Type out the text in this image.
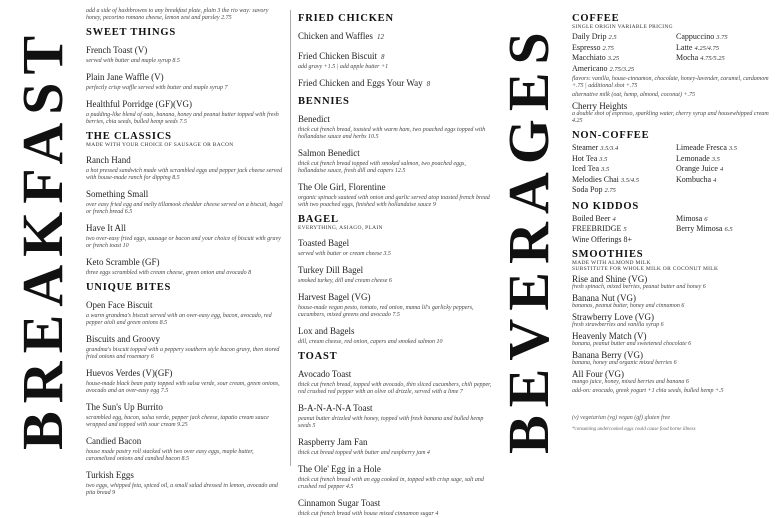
BREAKFAST	BEVERAGES
add a side of hashbrowns to any breakfast plate, plain 3 the rio way: savory honey, pecorino romano cheese, lemon zest and parsley 2.75
SWEET THINGS
French Toast (V)
served with butter and maple syrup 8.5
Plain Jane Waffle (V)
perfectly crisp waffle served with butter and maple syrup 7
Healthful Porridge (GF)(VG)
a pudding-like blend of oats, banana, honey and peanut butter topped with fresh berries, chia seeds, bulled hemp seeds 7.5
THE CLASSICS
MADE WITH YOUR CHOICE OF SAUSAGE OR BACON
Ranch Hand
a hot pressed sandwich made with scrambled eggs and pepper jack cheese served with house-made ranch for dipping 8.5
Something Small
over easy fried egg and melty tillamook cheddar cheese served on a biscuit, bagel or french bread 6.5
Have It All
two over-easy fried eggs, sausage or bacon and your choice of biscuit with gravy or french toast 10
Keto Scramble (GF)
three eggs scrambled with cream cheese, green onion and avocado 8
UNIQUE BITES
Open Face Biscuit
a warm grandma's biscuit served with an over-easy egg, bacon, avocado, red pepper aioli and green onions 8.5
Biscuits and Groovy
grandma's biscuit topped with a peppery southern style bacon gravy, then stored fried onions and rosemary 6
Huevos Verdes (V)(GF)
house-made black bean patty topped with salsa verde, sour cream, green onions, avocado and an over-easy egg 7.5
The Sun's Up Burrito
scrambled egg, bacon, salsa verde, pepper jack cheese, tapatio cream sauce wrapped and topped with sour cream 9.25
Candied Bacon
house made pastry roll stacked with two over easy eggs, maple butter, caramelized onions and candied bacon 8.5
Turkish Eggs
two eggs, whipped feta, spiced oil, a small salad dressed in lemon, avocado and pita bread 9
FRIED CHICKEN
Chicken and Waffles 12
Fried Chicken Biscuit 8
add gravy +1.5 | add apple butter +1
Fried Chicken and Eggs Your Way 8
BENNIES
Benedict
thick cut french bread, toasted with warm ham, two poached eggs topped with hollandaise sauce and herbs 10.5
Salmon Benedict
thick cut french bread topped with smoked salmon, two poached eggs, hollandaise sauce, fresh dill and capers 12.5
The Ole Girl, Florentine
organic spinach sauteed with onion and garlic served atop toasted french bread with two poached eggs, finished with hollandaise sauce 9
BAGEL
EVERYTHING, ASIAGO, PLAIN
Toasted Bagel
served with butter or cream cheese 3.5
Turkey Dill Bagel
smoked turkey, dill and cream cheese 6
Harvest Bagel (VG)
house-made vegan pesto, tomato, red onion, mama lil's garlicky peppers, cucumbers, mixed greens and avocado 7.5
Lox and Bagels
dill, cream cheese, red onion, capers and smoked salmon 10
TOAST
Avocado Toast
thick cut french bread, topped with avocado, thin sliced cucumbers, chili pepper, red crushed red pepper with an olive oil drizzle, served with a lime 7
B-A-N-A-N-A Toast
peanut butter drizzled with honey, topped with fresh banana and bulled hemp seeds 5
Raspberry Jam Fan
thick cut bread topped with butter and raspberry jam 4
The Ole' Egg in a Hole
thick cut french bread with an egg cooked in, topped with crisp sage, salt and crushed red pepper 4.5
Cinnamon Sugar Toast
thick cut french bread with house mixed cinnamon sugar 4
COFFEE
SINGLE ORIGIN VARIABLE PRICING
Daily Drip 2.5	Cappuccino 3.75
Espresso 2.75	Latte 4.25/4.75
Macchiato 3.25	Mocha 4.75/5.25
Americano 2.75/3.25
flavors: vanilla, house-cinnamon, chocolate, honey-lavender, caramel, cardamom +.75 | additional shot +.75
alternative milk (oat, hemp, almond, coconut) +.75
Cherry Heights
a double shot of espresso, sparkling water, cherry syrup and housewhipped cream 4.25
NON-COFFEE
Steamer 3.5/3.4	Limeade Fresca 3.5
Hot Tea 3.5	Lemonade 3.5
Iced Tea 3.5	Orange Juice 4
Melodies Chai 3.5/4.5	Kombucha 4
Soda Pop 2.75
NO KIDDOS
Boiled Beer 4	Mimosa 6
FREEBRIDGE 5	Berry Mimosa 6.5
Wine Offerings 8+
SMOOTHIES
MADE WITH ALMOND MILK
SUBSTITUTE FOR WHOLE MILK OR COCONUT MILK
Rise and Shine (VG)
fresh spinach, mixed berries, peanut butter and honey 6
Banana Nut (VG)
bananas, peanut butter, honey and cinnamon 6
Strawberry Love (VG)
fresh strawberries and vanilla syrup 6
Heavenly Match (V)
banana, peanut butter and sweetened chocolate 6
Banana Berry (VG)
banana, honey and organic mixed berries 6
All Four (VG)
mango juice, honey, mixed berries and banana 6
add-on: avocado, greek yogurt +1 chia seeds, bulled hemp +.5
(v) vegetarian (vg) vegan (gf) gluten free
*consuming undercooked eggs could cause food borne illness
